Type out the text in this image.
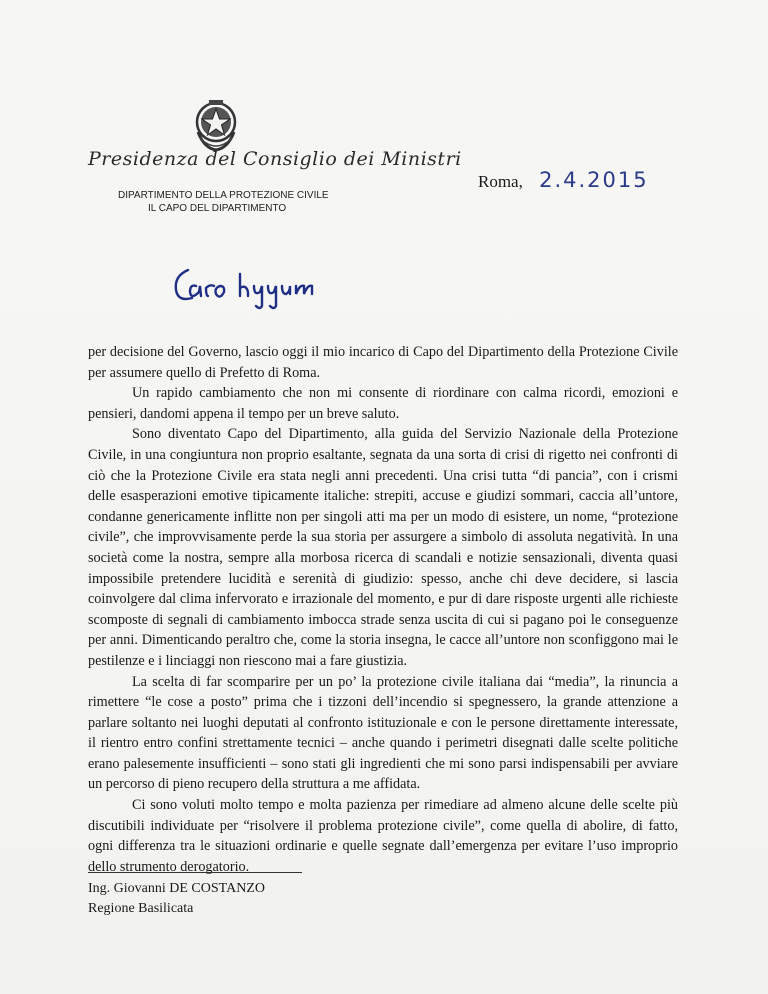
Presidenza del Consiglio dei Ministri
DIPARTIMENTO DELLA PROTEZIONE CIVILE
IL CAPO DEL DIPARTIMENTO
Roma, 2.4.2015

per decisione del Governo, lascio oggi il mio incarico di Capo del Dipartimento della Protezione Civile per assumere quello di Prefetto di Roma.

Un rapido cambiamento che non mi consente di riordinare con calma ricordi, emozioni e pensieri, dandomi appena il tempo per un breve saluto.

Sono diventato Capo del Dipartimento, alla guida del Servizio Nazionale della Protezione Civile, in una congiuntura non proprio esaltante, segnata da una sorta di crisi di rigetto nei confronti di ciò che la Protezione Civile era stata negli anni precedenti. Una crisi tutta “di pancia”, con i crismi delle esasperazioni emotive tipicamente italiche: strepiti, accuse e giudizi sommari, caccia all’untore, condanne genericamente inflitte non per singoli atti ma per un modo di esistere, un nome, “protezione civile”, che improvvisamente perde la sua storia per assurgere a simbolo di assoluta negatività. In una società come la nostra, sempre alla morbosa ricerca di scandali e notizie sensazionali, diventa quasi impossibile pretendere lucidità e serenità di giudizio: spesso, anche chi deve decidere, si lascia coinvolgere dal clima infervorato e irrazionale del momento, e pur di dare risposte urgenti alle richieste scomposte di segnali di cambiamento imbocca strade senza uscita di cui si pagano poi le conseguenze per anni. Dimenticando peraltro che, come la storia insegna, le cacce all’untore non sconfiggono mai le pestilenze e i linciaggi non riescono mai a fare giustizia.

La scelta di far scomparire per un po’ la protezione civile italiana dai “media”, la rinuncia a rimettere “le cose a posto” prima che i tizzoni dell’incendio si spegnessero, la grande attenzione a parlare soltanto nei luoghi deputati al confronto istituzionale e con le persone direttamente interessate, il rientro entro confini strettamente tecnici – anche quando i perimetri disegnati dalle scelte politiche erano palesemente insufficienti – sono stati gli ingredienti che mi sono parsi indispensabili per avviare un percorso di pieno recupero della struttura a me affidata.

Ci sono voluti molto tempo e molta pazienza per rimediare ad almeno alcune delle scelte più discutibili individuate per “risolvere il problema protezione civile”, come quella di abolire, di fatto, ogni differenza tra le situazioni ordinarie e quelle segnate dall’emergenza per evitare l’uso improprio dello strumento derogatorio.

Ing. Giovanni DE COSTANZO
Regione Basilicata
